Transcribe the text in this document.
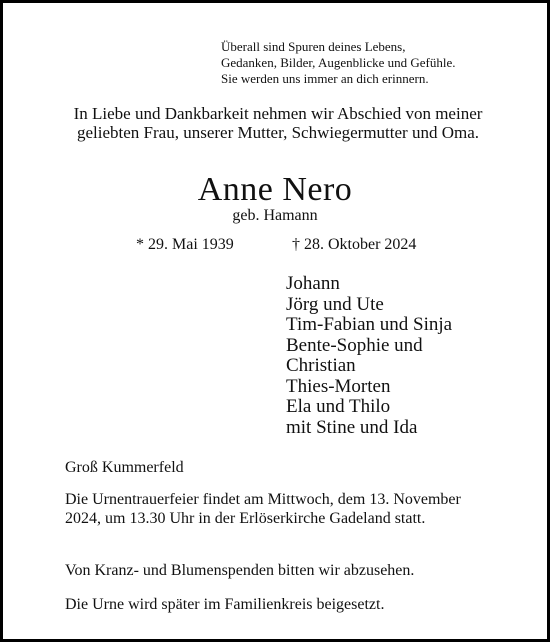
Überall sind Spuren deines Lebens,
Gedanken, Bilder, Augenblicke und Gefühle.
Sie werden uns immer an dich erinnern.
In Liebe und Dankbarkeit nehmen wir Abschied von meiner geliebten Frau, unserer Mutter, Schwiegermutter und Oma.
Anne Nero
geb. Hamann
* 29. Mai 1939	† 28. Oktober 2024
Johann
Jörg und Ute
Tim-Fabian und Sinja
Bente-Sophie und
Christian
Thies-Morten
Ela und Thilo
mit Stine und Ida
Groß Kummerfeld
Die Urnentrauerfeier findet am Mittwoch, dem 13. November 2024, um 13.30 Uhr in der Erlöserkirche Gadeland statt.
Von Kranz- und Blumenspenden bitten wir abzusehen.
Die Urne wird später im Familienkreis beigesetzt.
